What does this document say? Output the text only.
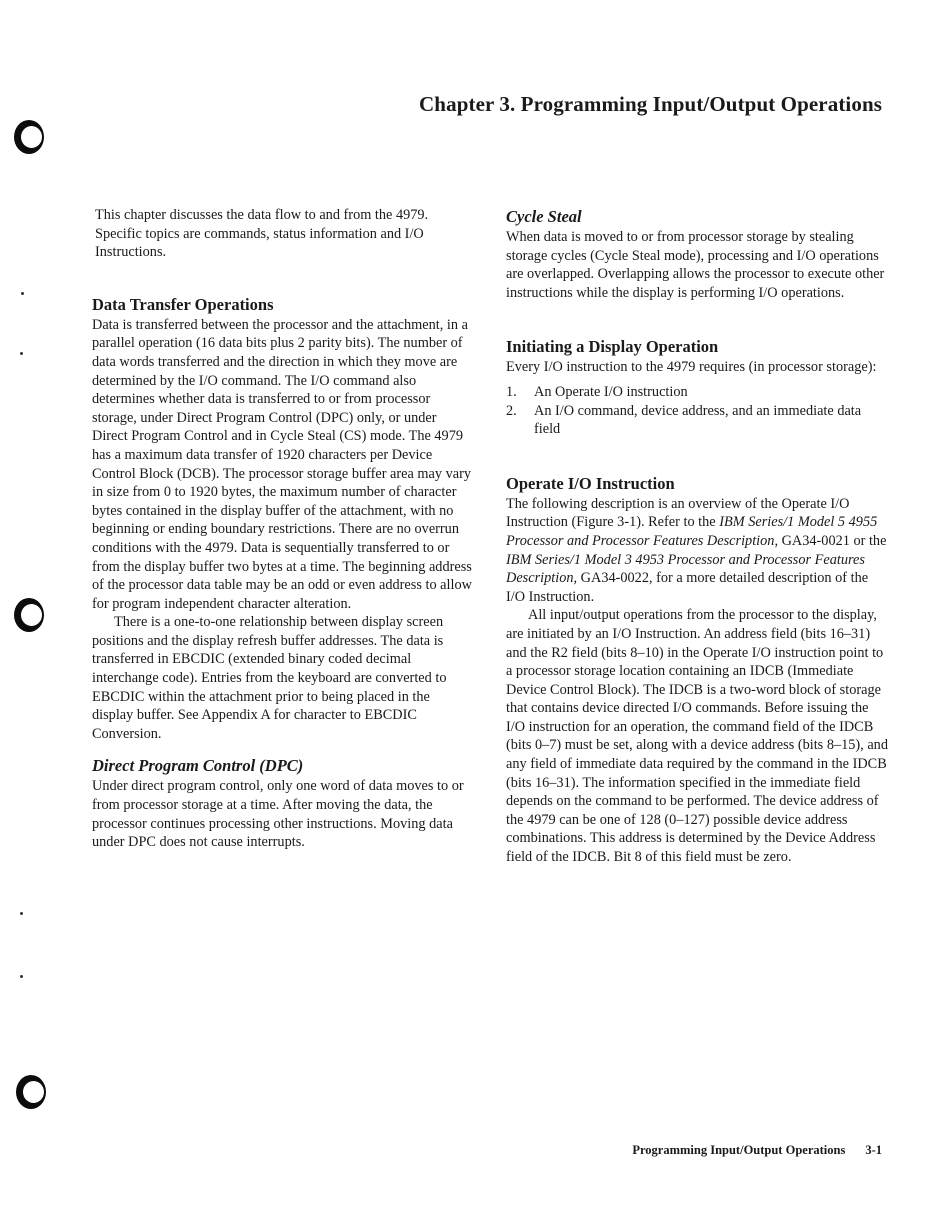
Chapter 3. Programming Input/Output Operations

This chapter discusses the data flow to and from the 4979. Specific topics are commands, status information and I/O Instructions.

Data Transfer Operations

Data is transferred between the processor and the attachment, in a parallel operation (16 data bits plus 2 parity bits). The number of data words transferred and the direction in which they move are determined by the I/O command. The I/O command also determines whether data is transferred to or from processor storage, under Direct Program Control (DPC) only, or under Direct Program Control and in Cycle Steal (CS) mode. The 4979 has a maximum data transfer of 1920 characters per Device Control Block (DCB). The processor storage buffer area may vary in size from 0 to 1920 bytes, the maximum number of character bytes contained in the display buffer of the attachment, with no beginning or ending boundary restrictions. There are no overrun conditions with the 4979. Data is sequentially transferred to or from the display buffer two bytes at a time. The beginning address of the processor data table may be an odd or even address to allow for program independent character alteration.

There is a one-to-one relationship between display screen positions and the display refresh buffer addresses. The data is transferred in EBCDIC (extended binary coded decimal interchange code). Entries from the keyboard are converted to EBCDIC within the attachment prior to being placed in the display buffer. See Appendix A for character to EBCDIC Conversion.

Direct Program Control (DPC)

Under direct program control, only one word of data moves to or from processor storage at a time. After moving the data, the processor continues processing other instructions. Moving data under DPC does not cause interrupts.

Cycle Steal

When data is moved to or from processor storage by stealing storage cycles (Cycle Steal mode), processing and I/O operations are overlapped. Overlapping allows the processor to execute other instructions while the display is performing I/O operations.

Initiating a Display Operation

Every I/O instruction to the 4979 requires (in processor storage):

1. An Operate I/O instruction
2. An I/O command, device address, and an immediate data field
Operate I/O Instruction

The following description is an overview of the Operate I/O Instruction (Figure 3-1). Refer to the IBM Series/1 Model 5 4955 Processor and Processor Features Description, GA34-0021 or the IBM Series/1 Model 3 4953 Processor and Processor Features Description, GA34-0022, for a more detailed description of the I/O Instruction.

All input/output operations from the processor to the display, are initiated by an I/O Instruction. An address field (bits 16–31) and the R2 field (bits 8–10) in the Operate I/O instruction point to a processor storage location containing an IDCB (Immediate Device Control Block). The IDCB is a two-word block of storage that contains device directed I/O commands. Before issuing the I/O instruction for an operation, the command field of the IDCB (bits 0–7) must be set, along with a device address (bits 8–15), and any field of immediate data required by the command in the IDCB (bits 16–31). The information specified in the immediate field depends on the command to be performed. The device address of the 4979 can be one of 128 (0–127) possible device address combinations. This address is determined by the Device Address field of the IDCB. Bit 8 of this field must be zero.

Programming Input/Output Operations 3-1
